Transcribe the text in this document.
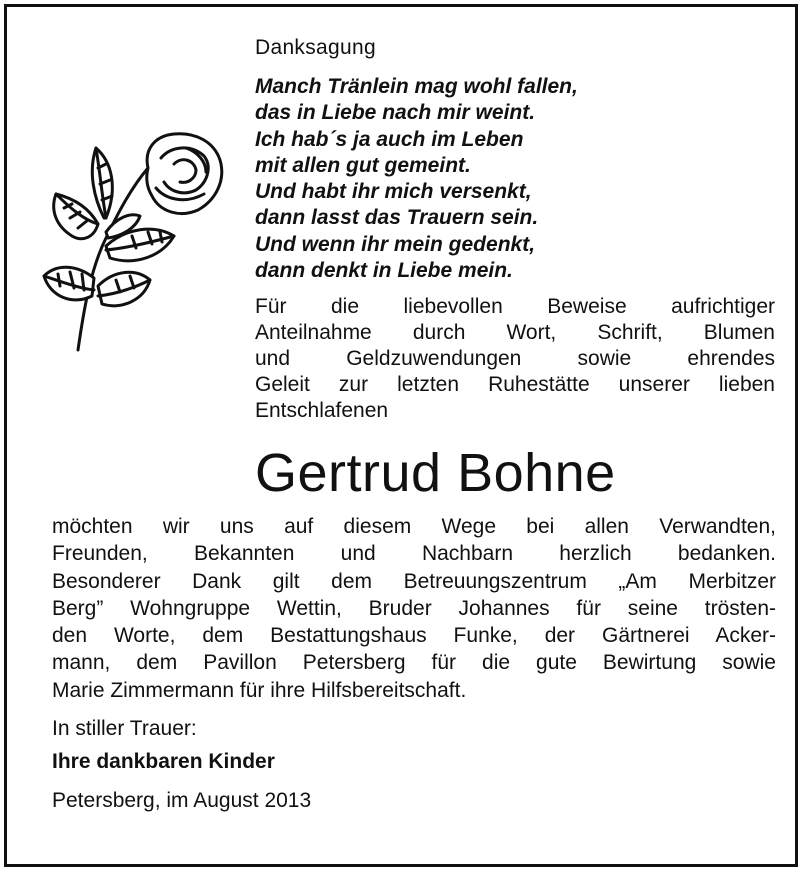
Danksagung
Manch Tränlein mag wohl fallen,
das in Liebe nach mir weint.
Ich hab´s ja auch im Leben
mit allen gut gemeint.
Und habt ihr mich versenkt,
dann lasst das Trauern sein.
Und wenn ihr mein gedenkt,
dann denkt in Liebe mein.
Für die liebevollen Beweise aufrichtiger
Anteilnahme durch Wort, Schrift, Blumen
und Geldzuwendungen sowie ehrendes
Geleit zur letzten Ruhestätte unserer lieben
Entschlafenen
Gertrud Bohne
möchten wir uns auf diesem Wege bei allen Verwandten,
Freunden, Bekannten und Nachbarn herzlich bedanken.
Besonderer Dank gilt dem Betreuungszentrum „Am Merbitzer
Berg” Wohngruppe Wettin, Bruder Johannes für seine trösten-
den Worte, dem Bestattungshaus Funke, der Gärtnerei Acker-
mann, dem Pavillon Petersberg für die gute Bewirtung sowie
Marie Zimmermann für ihre Hilfsbereitschaft.
In stiller Trauer:
Ihre dankbaren Kinder
Petersberg, im August 2013
